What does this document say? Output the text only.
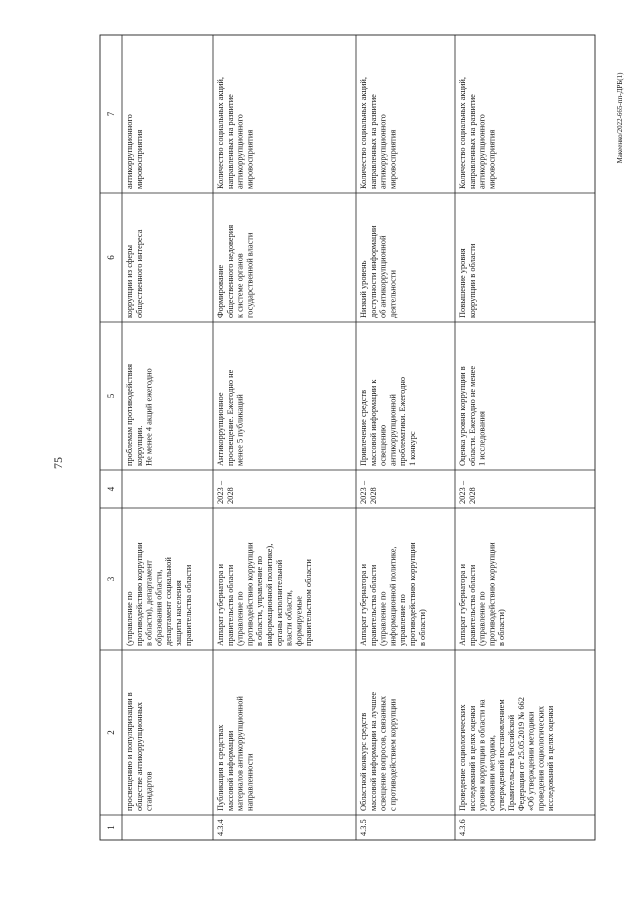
75
Макеенко/2022-665-пп-ДРБ(1)
1
2
3
4
5
6
7
просвещению и популяризации в обществе антикоррупционных стандартов
(управление по противодействию коррупции в области), департамент образования области, департамент социальной защиты населения правительства области
проблемам противодействия коррупции. Не менее 4 акций ежегодно
коррупции из сферы общественного интереса
антикоррупционного мировосприятия
4.3.4
Публикация в средствах массовой информации материалов антикоррупционной направленности
Аппарат губернатора и правительства области (управление по противодействию коррупции в области, управление по информационной политике), органы исполнительной власти области, формируемые правительством области
2023 – 2028
Антикоррупционное просвещение. Ежегодно не менее 5 публикаций
Формирование общественного недоверия к системе органов государственной власти
Количество социальных акций, направленных на развитие антикоррупционного мировосприятия
4.3.5
Областной конкурс средств массовой информации на лучшее освещение вопросов, связанных с противодействием коррупции
Аппарат губернатора и правительства области (управление по информационной политике, управление по противодействию коррупции в области)
2023 – 2028
Привлечение средств массовой информации к освещению антикоррупционной проблематики. Ежегодно 1 конкурс
Низкий уровень доступности информации об антикоррупционной деятельности
Количество социальных акций, направленных на развитие антикоррупционного мировосприятия
4.3.6
Проведение социологических исследований в целях оценки уровня коррупции в области на основании методики, утвержденной постановлением Правительства Российской Федерации от 25.05.2019 № 662 «Об утверждении методики проведения социологических исследований в целях оценки
Аппарат губернатора и правительства области (управление по противодействию коррупции в области)
2023 – 2028
Оценка уровня коррупции в области. Ежегодно не менее 1 исследования
Повышение уровня коррупции в области
Количество социальных акций, направленных на развитие антикоррупционного мировосприятия
